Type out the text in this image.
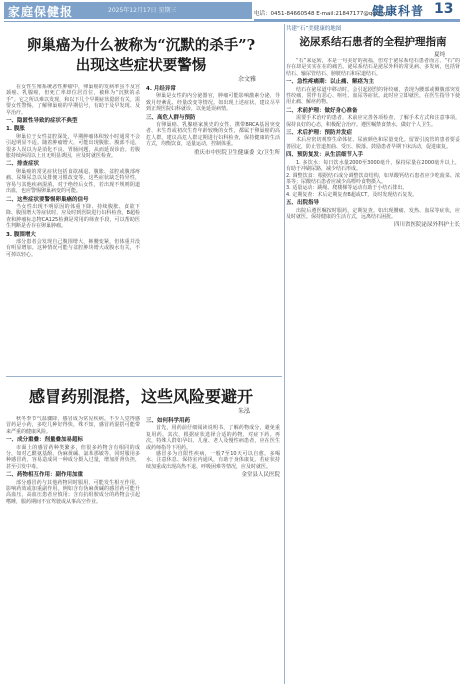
家庭保健报	2025年12月17日 星期三	电话：0451-84660548 E-mail:21847177@qq.com
健康科普 13
卵巢癌为什么被称为“沉默的杀手”?
出现这些症状要警惕
余文雅

在女性生殖系统恶性肿瘤中，卵巢癌的发病率虽不及宫颈癌、乳腺癌，但死亡率却位居首位，被称为“沉默的杀手”。它之所以难以发现，和以下几个早期症状隐匿有关，需要女性警惕。了解卵巢癌的早期信号，有助于及早发现、及早治疗。

一、隐匿性导致的症状不典型
1. 腹胀

卵巢位于女性盆腔深处，早期肿瘤体积较小时通常不会引起明显不适。随着肿瘤增大，可能出现腹胀、腹部不适，很多人误以为是消化不良、胃肠问题，从而延误诊治。若腹胀持续两周以上且无明显诱因，应及时就医检查。

二、排查症状

卵巢癌的常见症状包括食欲减退、腹胀、盆腔或腹部疼痛、尿频尿急以及排便习惯改变等。这些症状缺乏特异性，容易与其他疾病混淆。对于绝经后女性，若出现不规则阴道出血，也应警惕卵巢病变的可能。

二、这些症状要警惕卵巢癌的信号

当女性出现不明原因的体重下降、持续腹胀、食欲下降、腹围增大等症状时，应及时到医院进行妇科检查。B超检查和肿瘤标志物CA125检测是常用的筛查手段，可以帮助医生判断是否存在卵巢肿瘤。

3. 腹围增大

部分患者会发现自己腹围增大，裤腰变紧，但体重并没有明显增加。这种情况可能与盆腔肿块增大或腹水有关，不可掉以轻心。

4. 月经异常

卵巢是女性的内分泌器官，肿瘤可能影响激素分泌，导致月经紊乱、经量改变等情况。如出现上述症状，建议尽早到正规医院妇科就诊，以免延误病情。

三、高危人群与预防

有卵巢癌、乳腺癌家族史的女性、携带BRCA基因突变者、未生育或初次生育年龄较晚的女性，都属于卵巢癌的高危人群。建议高危人群定期进行妇科检查，保持健康的生活方式，均衡饮食，适量运动，控制体重。

重庆市中医院卫生健康委 文/卫生所
感冒药别混搭，这些风险要避开
朱泓

秋冬季节气温骤降，感冒成为常见疾病。不少人觉得感冒药是小药，多吃几种好得快，殊不知，感冒药混搭可能带来严重的健康风险。

一、成分重叠：剂量叠加易超标

市面上的感冒药种类繁多，但很多药物含有相同的成分，如对乙酰氨基酚、伪麻黄碱、氯苯那敏等。同时服用多种感冒药，容易造成同一种成分摄入过量，增加肝肾负担，甚至引发中毒。

二、药物相互作用：副作用加重

部分感冒药与其他药物同时服用，可能发生相互作用，影响药效或加重副作用。例如含有伪麻黄碱的感冒药可能升高血压，高血压患者应慎用；含有抗组胺成分的药物会引起嗜睡，服药期间不宜驾驶或从事高空作业。

三、如何科学用药

首先，用药前仔细阅读说明书，了解药物成分，避免重复用药。其次，根据症状选择合适的药物，对症下药。再次，特殊人群如孕妇、儿童、老人及慢性病患者，应在医生或药师指导下用药。

感冒多为自限性疾病，一般7至10天可以自愈。多喝水、注意休息、保持室内通风，有助于身体康复。若症状持续加重或出现高热不退、呼吸困难等情况，应及时就医。

金堂县人民医院
共建“石”美健康的地图
泌尿系结石患者的全程护理指南
夏纯

“石”来运转，本是一句美好的祝福，但对于泌尿系结石患者而言，“石”的存在却是实实在在的痛苦。泌尿系结石是泌尿外科的常见病、多发病，包括肾结石、输尿管结石、膀胱结石和尿道结石。

一、急性疼痛期：以止痛、解痉为主

结石在泌尿道中移动时，会引起剧烈的肾绞痛，表现为腰部或侧腹部突发性绞痛，常伴有恶心、呕吐、血尿等症状。此时应立即就医，在医生指导下使用止痛、解痉药物。

二、术前护理：做好身心准备

需要手术治疗的患者，术前应完善各项检查，了解手术方式和注意事项。保持良好的心态，积极配合治疗。遵医嘱禁食禁水，做好个人卫生。

三、术后护理：预防并发症

术后应密切观察生命体征、尿液颜色和尿量变化。留置引流管的患者要妥善固定，防止管道扭曲、受压、脱落。鼓励患者早期下床活动，促进康复。

四、预防复发：从生活细节入手

1. 多饮水：每日饮水量2000至3000毫升，保持尿量在2000毫升以上，有助于冲刷尿路，减少结石形成。
2. 调整饮食：根据结石成分调整饮食结构，如草酸钙结石患者应少吃菠菜、浓茶等；尿酸结石患者应减少高嘌呤食物摄入。
3. 适量运动：跳绳、爬楼梯等运动有助于小结石排出。
4. 定期复查：术后定期复查B超或CT，及时发现结石复发。

五、出院指导

出院后遵医嘱按时服药，定期复查。如出现腰痛、发热、血尿等症状，应及时就医。保持健康的生活方式，远离结石困扰。

四川省医院泌尿外科护士长
